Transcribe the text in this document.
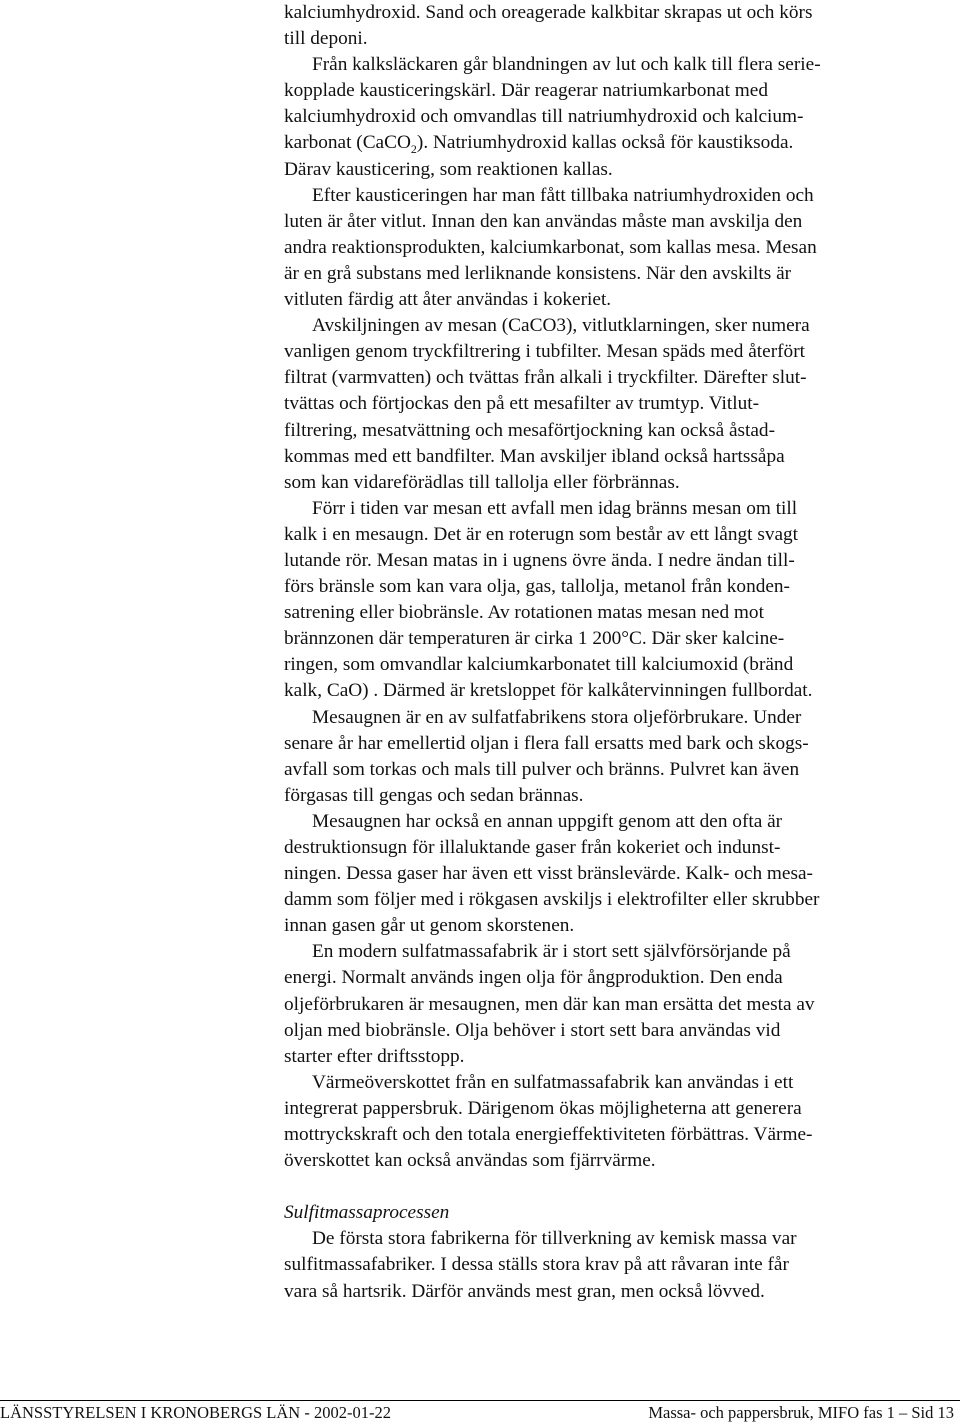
kalciumhydroxid. Sand och oreagerade kalkbitar skrapas ut och körs
till deponi.
Från kalksläckaren går blandningen av lut och kalk till flera serie-
kopplade kausticeringskärl. Där reagerar natriumkarbonat med
kalciumhydroxid och omvandlas till natriumhydroxid och kalcium-
karbonat (CaCO$_2$). Natriumhydroxid kallas också för kaustiksoda.
Därav kausticering, som reaktionen kallas.
Efter kausticeringen har man fått tillbaka natriumhydroxiden och
luten är åter vitlut. Innan den kan användas måste man avskilja den
andra reaktionsprodukten, kalciumkarbonat, som kallas mesa. Mesan
är en grå substans med lerliknande konsistens. När den avskilts är
vitluten färdig att åter användas i kokeriet.
Avskiljningen av mesan (CaCO3), vitlutklarningen, sker numera
vanligen genom tryckfiltrering i tubfilter. Mesan späds med återfört
filtrat (varmvatten) och tvättas från alkali i tryckfilter. Därefter slut-
tvättas och förtjockas den på ett mesafilter av trumtyp. Vitlut-
filtrering, mesatvättning och mesaförtjockning kan också åstad-
kommas med ett bandfilter. Man avskiljer ibland också hartssåpa
som kan vidareförädlas till tallolja eller förbrännas.
Förr i tiden var mesan ett avfall men idag bränns mesan om till
kalk i en mesaugn. Det är en roterugn som består av ett långt svagt
lutande rör. Mesan matas in i ugnens övre ända. I nedre ändan till-
förs bränsle som kan vara olja, gas, tallolja, metanol från konden-
satrening eller biobränsle. Av rotationen matas mesan ned mot
brännzonen där temperaturen är cirka 1 200°C. Där sker kalcine-
ringen, som omvandlar kalciumkarbonatet till kalciumoxid (bränd
kalk, CaO) . Därmed är kretsloppet för kalkåtervinningen fullbordat.
Mesaugnen är en av sulfatfabrikens stora oljeförbrukare. Under
senare år har emellertid oljan i flera fall ersatts med bark och skogs-
avfall som torkas och mals till pulver och bränns. Pulvret kan även
förgasas till gengas och sedan brännas.
Mesaugnen har också en annan uppgift genom att den ofta är
destruktionsugn för illaluktande gaser från kokeriet och indunst-
ningen. Dessa gaser har även ett visst bränslevärde. Kalk- och mesa-
damm som följer med i rökgasen avskiljs i elektrofilter eller skrubber
innan gasen går ut genom skorstenen.
En modern sulfatmassafabrik är i stort sett självförsörjande på
energi. Normalt används ingen olja för ångproduktion. Den enda
oljeförbrukaren är mesaugnen, men där kan man ersätta det mesta av
oljan med biobränsle. Olja behöver i stort sett bara användas vid
starter efter driftsstopp.
Värmeöverskottet från en sulfatmassafabrik kan användas i ett
integrerat pappersbruk. Därigenom ökas möjligheterna att generera
mottryckskraft och den totala energieffektiviteten förbättras. Värme-
överskottet kan också användas som fjärrvärme.
Sulfitmassaprocessen
De första stora fabrikerna för tillverkning av kemisk massa var
sulfitmassafabriker. I dessa ställs stora krav på att råvaran inte får
vara så hartsrik. Därför används mest gran, men också lövved.
LÄNSSTYRELSEN I KRONOBERGS LÄN - 2002-01-22	Massa- och pappersbruk, MIFO fas 1 – Sid 13
